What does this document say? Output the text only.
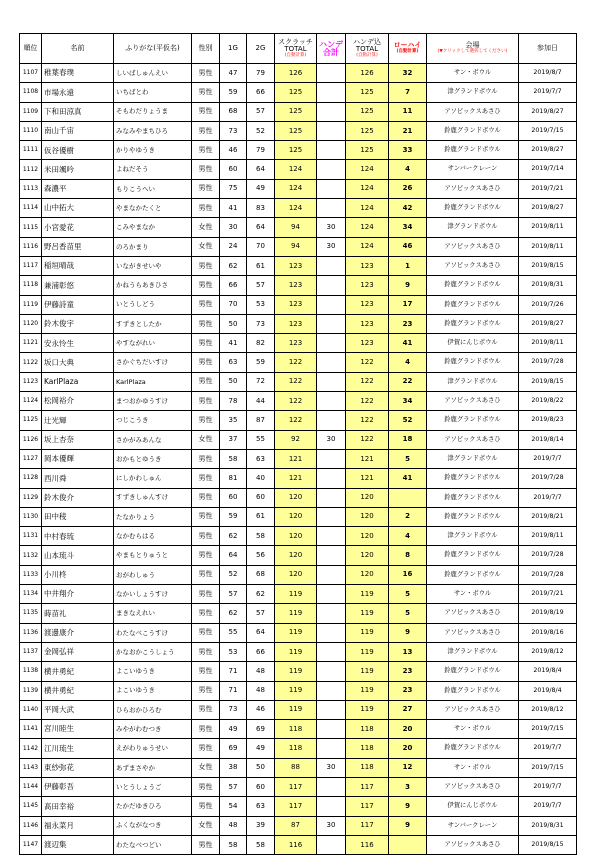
順位	名前	ふりがな(平仮名)	性別	1G	2G	スクラッチ TOTAL
(自動計算)	ハンデ 合計	ハンデ込 TOTAL
(自動計算)	ローハイ
(自動計算)	会場
(▼クリックして選択してください)	参加日
1107	稚葉春璞	しいばしゅんえい	男性	47	79	126		126	32	サン・ボウル	2019/8/7
1108	市場永遠	いちばとわ	男性	59	66	125		125	7	津グランドボウル	2019/7/7
1109	下和田涼真	そもわだりょうま	男性	68	57	125		125	11	アソビックスあさひ	2019/8/27
1110	南山千宙	みなみやまちひろ	男性	73	52	125		125	21	鈴鹿グランドボウル	2019/7/15
1111	仮谷優樹	かりやゆうき	男性	46	79	125		125	33	鈴鹿グランドボウル	2019/8/27
1112	米田颯吟	よねだそう	男性	60	64	124		124	4	サンバークレーン	2019/7/14
1113	森濃平	もりこうへい	男性	75	49	124		124	26	アソビックスあさひ	2019/7/21
1114	山中拓大	やまなかたくと	男性	41	83	124		124	42	鈴鹿グランドボウル	2019/8/27
1115	小宮愛花	こみやまなか	女性	30	64	94	30	124	34	津グランドボウル	2019/8/11
1116	野呂香苗里	のろかまり	女性	24	70	94	30	124	46	アソビックスあさひ	2019/8/11
1117	稲垣晴哉	いながきせいや	男性	62	61	123		123	1	アソビックスあさひ	2019/8/15
1118	兼浦彰悠	かねうらあきひさ	男性	66	57	123		123	9	鈴鹿グランドボウル	2019/8/31
1119	伊藤詩童	いとうしどう	男性	70	53	123		123	17	鈴鹿グランドボウル	2019/7/26
1120	鈴木俊宇	すずきとしたか	男性	50	73	123		123	23	鈴鹿グランドボウル	2019/8/27
1121	安永怜生	やすながれい	男性	41	82	123		123	41	伊賀にんじボウル	2019/8/11
1122	坂口大典	さかぐちだいすけ	男性	63	59	122		122	4	鈴鹿グランドボウル	2019/7/28
1123	KarlPlaza	KarlPlaza	男性	50	72	122		122	22	津グランドボウル	2019/8/15
1124	松岡裕介	まつおかゆうすけ	男性	78	44	122		122	34	アソビックスあさひ	2019/8/22
1125	辻光輝	つじこうき	男性	35	87	122		122	52	鈴鹿グランドボウル	2019/8/23
1126	坂上杏奈	さかがみあんな	女性	37	55	92	30	122	18	アソビックスあさひ	2019/8/14
1127	岡本優輝	おかもとゆうき	男性	58	63	121		121	5	津グランドボウル	2019/7/7
1128	西川舜	にしかわしゅん	男性	81	40	121		121	41	鈴鹿グランドボウル	2019/7/28
1129	鈴木俊介	すずきしゅんすけ	男性	60	60	120		120		鈴鹿グランドボウル	2019/7/7
1130	田中稜	たなかりょう	男性	59	61	120		120	2	鈴鹿グランドボウル	2019/8/21
1131	中村春琉	なかむらはる	男性	62	58	120		120	4	津グランドボウル	2019/8/11
1132	山本琉斗	やまもとりゅうと	男性	64	56	120		120	8	鈴鹿グランドボウル	2019/7/28
1133	小川柊	おがわしゅう	男性	52	68	120		120	16	鈴鹿グランドボウル	2019/7/28
1134	中井翔介	なかいしょうすけ	男性	57	62	119		119	5	サン・ボウル	2019/7/21
1135	蒔苗礼	まきなえれい	男性	62	57	119		119	5	アソビックスあさひ	2019/8/19
1136	渡邊康介	わたなべこうすけ	男性	55	64	119		119	9	アソビックスあさひ	2019/8/16
1137	金岡弘祥	かなおかこうしょう	男性	53	66	119		119	13	津グランドボウル	2019/8/12
1138	横井勇紀	よこいゆうき	男性	71	48	119		119	23	鈴鹿グランドボウル	2019/8/4
1139	横井勇紀	よこいゆうき	男性	71	48	119		119	23	鈴鹿グランドボウル	2019/8/4
1140	平岡大武	ひらおかひろむ	男性	73	46	119		119	27	アソビックスあさひ	2019/8/12
1141	宮川睦生	みやがわむつき	男性	49	69	118		118	20	サン・ボウル	2019/7/15
1142	江川琉生	えがわりゅうせい	男性	69	49	118		118	20	鈴鹿グランドボウル	2019/7/7
1143	東紗弥花	あずまさやか	女性	38	50	88	30	118	12	サン・ボウル	2019/7/15
1144	伊藤彰吾	いとうしょうご	男性	57	60	117		117	3	アソビックスあさひ	2019/7/7
1145	髙田幸裕	たかだゆきひろ	男性	54	63	117		117	9	伊賀にんじボウル	2019/7/7
1146	福永菜月	ふくながなつき	女性	48	39	87	30	117	9	サンバークレーン	2019/8/31
1147	渡辺集	わたなべつどい	男性	58	58	116		116		アソビックスあさひ	2019/8/15
